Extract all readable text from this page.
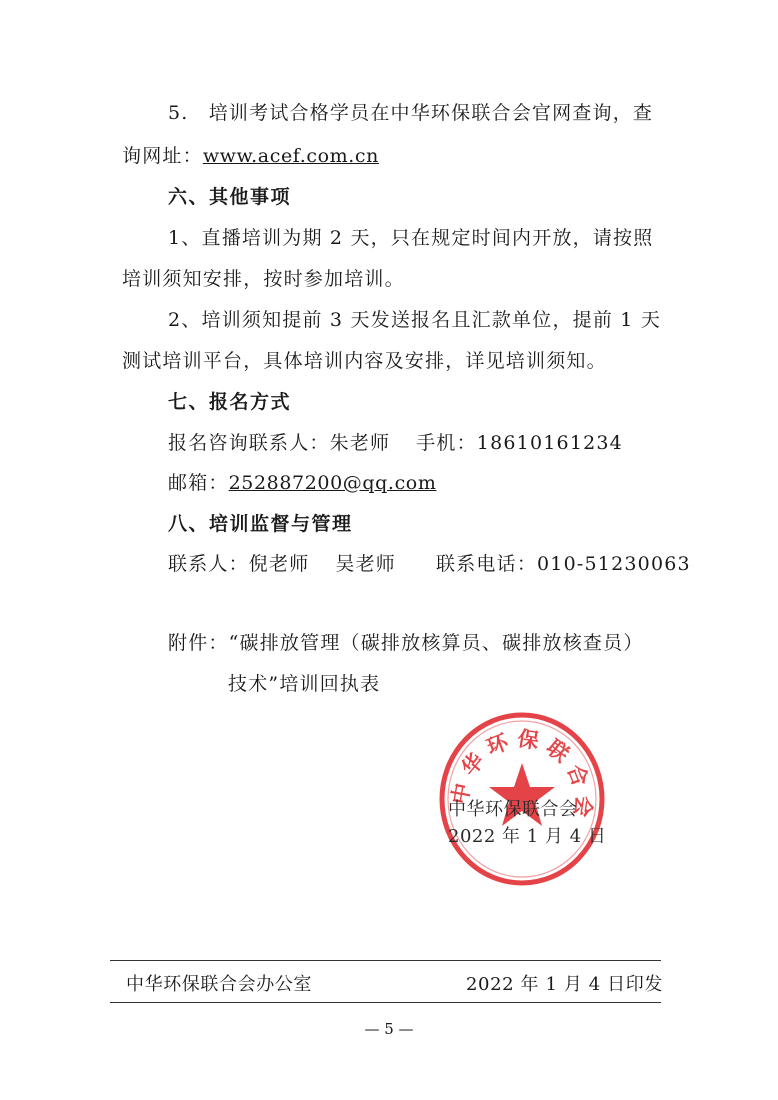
5.　培训考试合格学员在中华环保联合会官网查询，查
询网址：www.acef.com.cn
六、其他事项
1、直播培训为期 2 天，只在规定时间内开放，请按照
培训须知安排，按时参加培训。
2、培训须知提前 3 天发送报名且汇款单位，提前 1 天
测试培训平台，具体培训内容及安排，详见培训须知。
七、报名方式
报名咨询联系人：朱老师 手机：18610161234
邮箱：252887200@qq.com
八、培训监督与管理
联系人：倪老师 吴老师 联系电话：010-51230063
附件：“碳排放管理（碳排放核算员、碳排放核查员）
技术”培训回执表
中华环保联合会
中华环保联合会
2022 年 1 月 4 日
中华环保联合会办公室	2022 年 1 月 4 日印发
— 5 —
